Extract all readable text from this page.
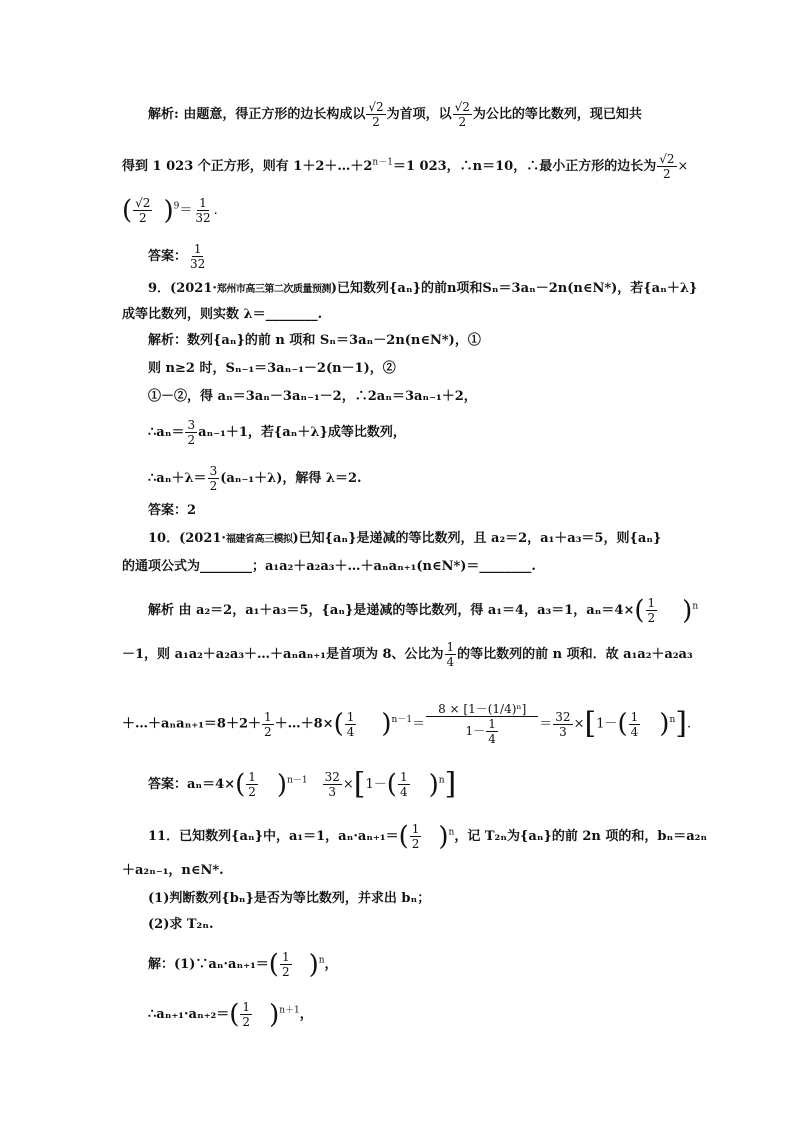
解析: 由题意，得正方形的边长构成以 $\frac{√2}{2}$ 为首项，以 $\frac{√2}{2}$ 为公比的等比数列，现已知共
得到 1 023 个正方形，则有 $1+2+\dots+2^{n-1}=1$ 023，∴n＝10，∴最小正方形的边长为 $\frac{√2}{2}$ ×
( $\frac{√2}{2} )^9= \frac{1}{32}$ .
答案： $\frac{1}{32}$
9．(2021·郑州市高三第二次质量预测)已知数列{aₙ}的前n项和Sₙ＝3aₙ－2n(n∈N*)，若{aₙ＋λ}
成等比数列，则实数 λ＝________.
解析：数列{aₙ}的前 n 项和 Sₙ＝3aₙ－2n(n∈N*)，①
则 n≥2 时，Sₙ₋₁＝3aₙ₋₁－2(n－1)，②
①－②，得 aₙ＝3aₙ－3aₙ₋₁－2，∴2aₙ＝3aₙ₋₁＋2，
∴aₙ＝ $\frac{3}{2} a_{n-1}+1$，若{aₙ＋λ}成等比数列，
∴aₙ＋λ＝ $\frac{3}{2} (a_{n-1}+\lambda)$，解得 λ＝2.
答案：2
10．(2021·福建省高三模拟)已知{aₙ}是递减的等比数列，且 a₂＝2，a₁＋a₃＝5，则{aₙ}
的通项公式为________；a₁a₂＋a₂a₃＋…＋aₙaₙ₊₁(n∈N*)＝________.
解析 由 a₂＝2，a₁＋a₃＝5，{aₙ}是递减的等比数列，得 a₁＝4，a₃＝1，$a_n=4\times( \frac{1}{2} )^n$
－1，则 a₁a₂＋a₂a₃＋…＋aₙaₙ₊₁是首项为 8、公比为 $\frac{1}{4}$ 的等比数列的前 n 项和．故 a₁a₂＋a₂a₃
＋…＋aₙaₙ₊₁＝8＋2＋ $\frac{1}{2}$ ＋…＋8×( $\frac{1}{4} )^{n-1}= \frac{\text{8 × [1－(1/4)ⁿ]}}{1- \frac{1}{4}} = \frac{32}{3} \times[1-( \frac{1}{4} )^n]$.
答案：$a_n=4\times( \frac{1}{2} )^{n-1} \frac{32}{3} \times[1-( \frac{1}{4} )^n]$
11．已知数列{aₙ}中，a₁＝1，$a_n\cdot a_{n+1}=( \frac{1}{2} )^n$，记 T₂ₙ为{aₙ}的前 2n 项的和，bₙ＝a₂ₙ
＋a₂ₙ₋₁，n∈N*.
(1)判断数列{bₙ}是否为等比数列，并求出 bₙ；
(2)求 T₂ₙ.
解：(1)∵aₙ·aₙ₊₁＝( $\frac{1}{2} )^n$，
∴aₙ₊₁·aₙ₊₂＝( $\frac{1}{2} )^{n+1}$，
